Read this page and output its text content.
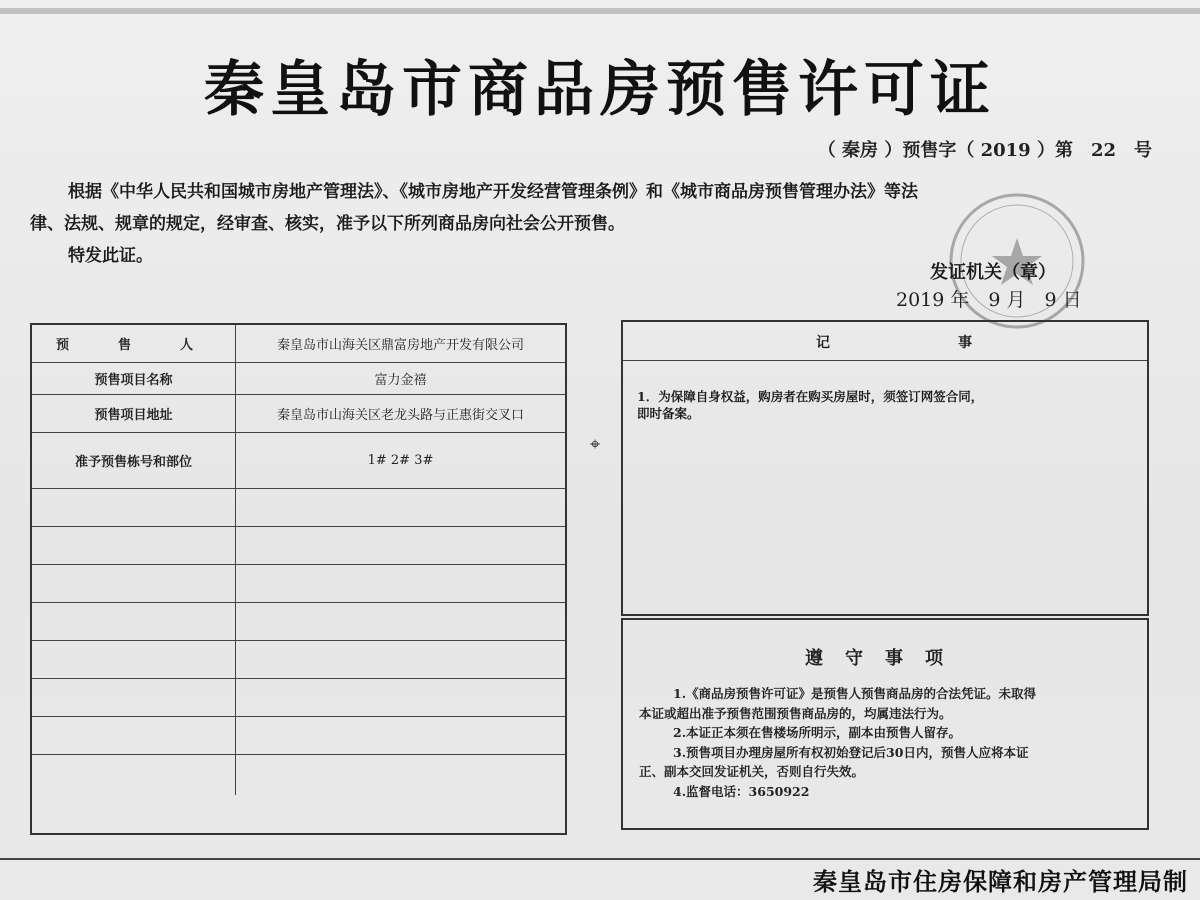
秦皇岛市商品房预售许可证
（ 秦房 ）预售字（ 2019 ）第　22　号
根据《中华人民共和国城市房地产管理法》、《城市房地产开发经营管理条例》和《城市商品房预售管理办法》等法
律、法规、规章的规定，经审查、核实，准予以下所列商品房向社会公开预售。
特发此证。
发证机关（章）
2019 年　9 月　9 日
预　售　人	秦皇岛市山海关区鼎富房地产开发有限公司
预售项目名称	富力金禧
预售项目地址	秦皇岛市山海关区老龙头路与正惠街交叉口
准予预售栋号和部位	1# 2# 3#
⌖
记	事
1．为保障自身权益，购房者在购买房屋时，须签订网签合同，
即时备案。
遵守事项
1.《商品房预售许可证》是预售人预售商品房的合法凭证。未取得
本证或超出准予预售范围预售商品房的，均属违法行为。
2.本证正本须在售楼场所明示，副本由预售人留存。
3.预售项目办理房屋所有权初始登记后30日内，预售人应将本证
正、副本交回发证机关，否则自行失效。
4.监督电话：3650922
秦皇岛市住房保障和房产管理局制
